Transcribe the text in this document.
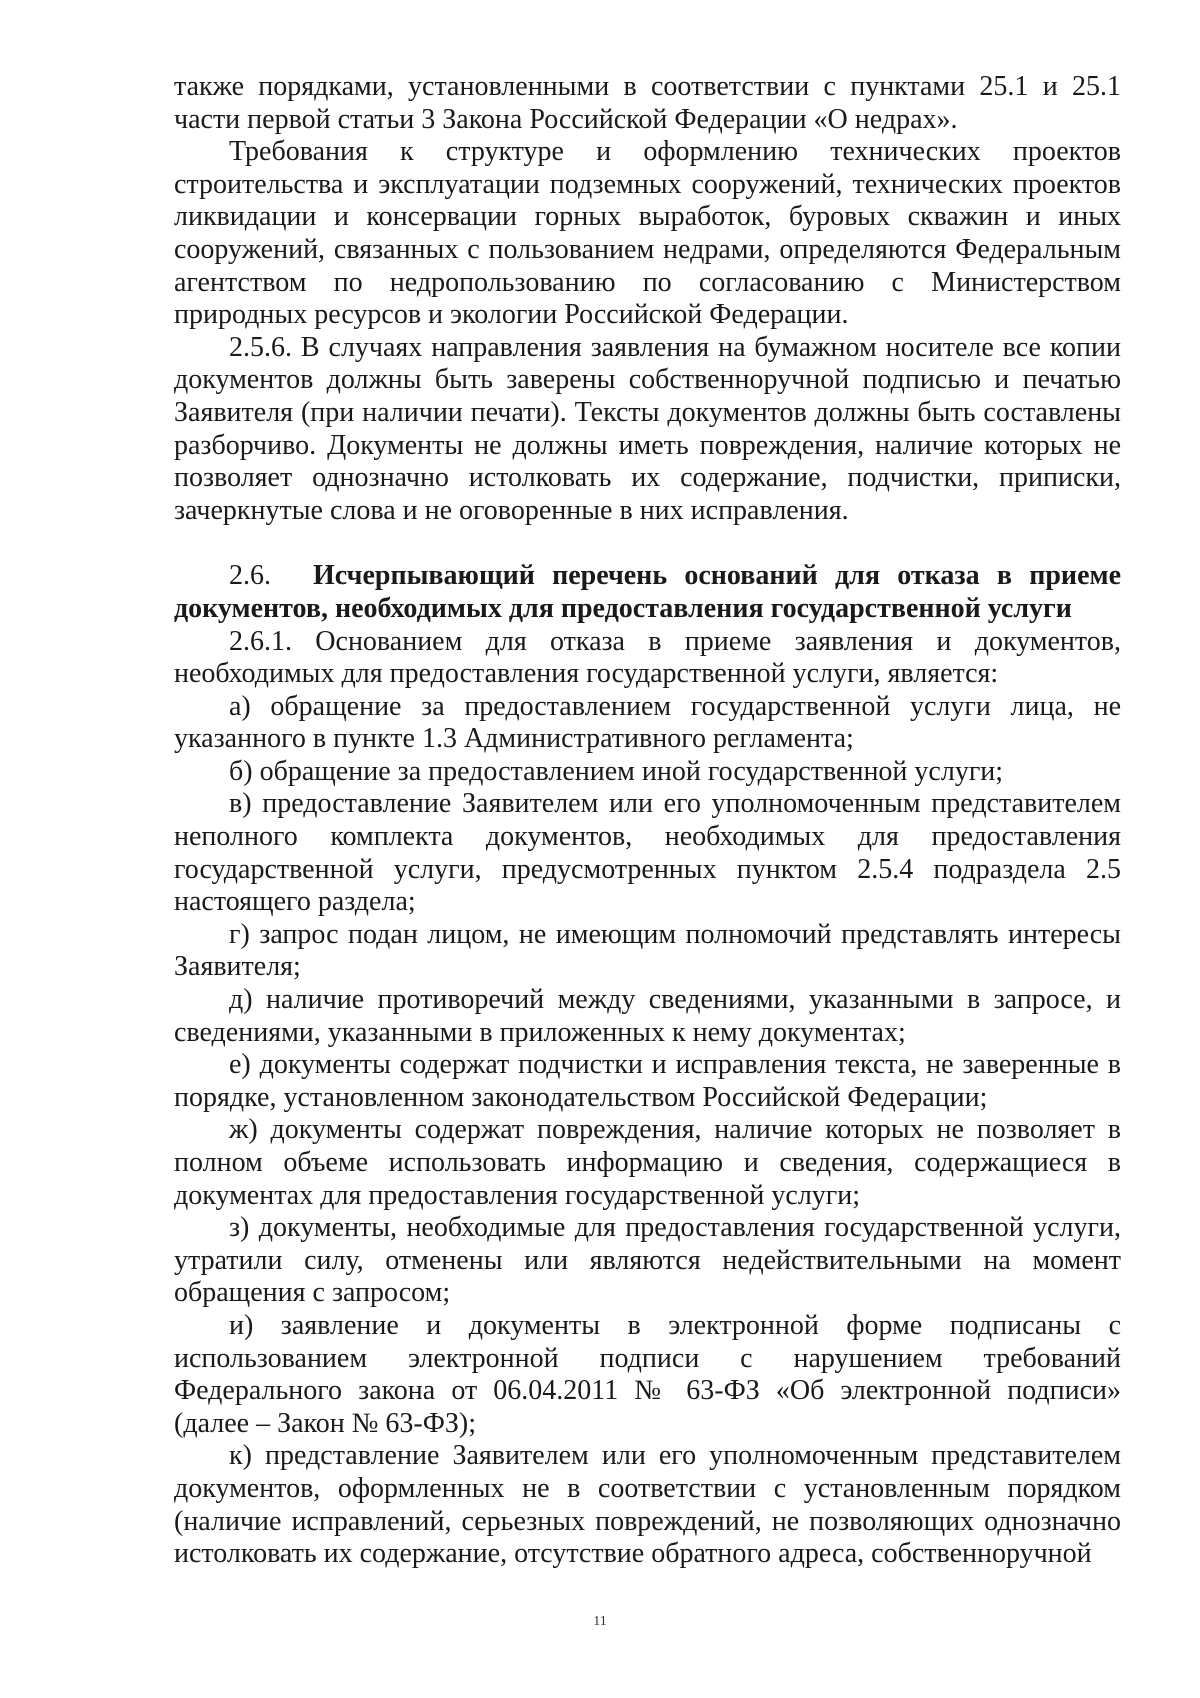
также порядками, установленными в соответствии с пунктами 25.1 и 25.1 части первой статьи 3 Закона Российской Федерации «О недрах».

Требования к структуре и оформлению технических проектов строительства и эксплуатации подземных сооружений, технических проектов ликвидации и консервации горных выработок, буровых скважин и иных сооружений, связанных с пользованием недрами, определяются Федеральным агентством по недропользованию по согласованию с Министерством природных ресурсов и экологии Российской Федерации.

2.5.6. В случаях направления заявления на бумажном носителе все копии документов должны быть заверены собственноручной подписью и печатью Заявителя (при наличии печати). Тексты документов должны быть составлены разборчиво. Документы не должны иметь повреждения, наличие которых не позволяет однозначно истолковать их содержание, подчистки, приписки, зачеркнутые слова и не оговоренные в них исправления.

2.6. Исчерпывающий перечень оснований для отказа в приеме документов, необходимых для предоставления государственной услуги

2.6.1. Основанием для отказа в приеме заявления и документов, необходимых для предоставления государственной услуги, является:

а) обращение за предоставлением государственной услуги лица, не указанного в пункте 1.3 Административного регламента;

б) обращение за предоставлением иной государственной услуги;

в) предоставление Заявителем или его уполномоченным представителем неполного комплекта документов, необходимых для предоставления государственной услуги, предусмотренных пунктом 2.5.4 подраздела 2.5 настоящего раздела;

г) запрос подан лицом, не имеющим полномочий представлять интересы Заявителя;

д) наличие противоречий между сведениями, указанными в запросе, и сведениями, указанными в приложенных к нему документах;

е) документы содержат подчистки и исправления текста, не заверенные в порядке, установленном законодательством Российской Федерации;

ж) документы содержат повреждения, наличие которых не позволяет в полном объеме использовать информацию и сведения, содержащиеся в документах для предоставления государственной услуги;

з) документы, необходимые для предоставления государственной услуги, утратили силу, отменены или являются недействительными на момент обращения с запросом;

и) заявление и документы в электронной форме подписаны с использованием электронной подписи с нарушением требований Федерального закона от 06.04.2011 № 63-ФЗ «Об электронной подписи» (далее – Закон № 63-ФЗ);

к) представление Заявителем или его уполномоченным представителем документов, оформленных не в соответствии с установленным порядком (наличие исправлений, серьезных повреждений, не позволяющих однозначно истолковать их содержание, отсутствие обратного адреса, собственноручной

11
